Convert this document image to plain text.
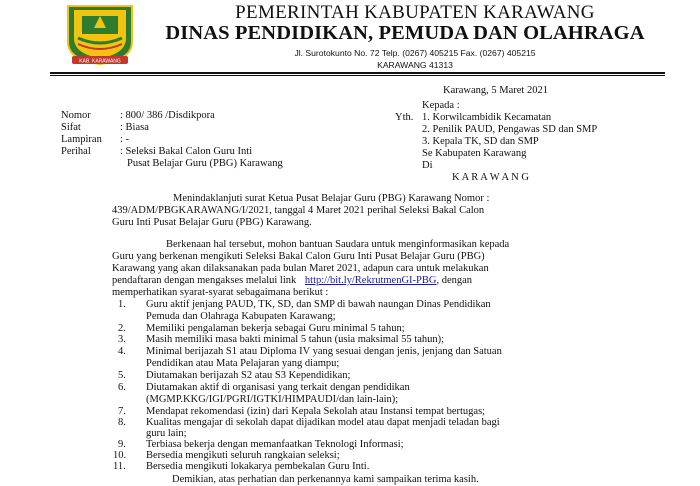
KAB. KARAWANG
PEMERINTAH KABUPATEN KARAWANG
DINAS PENDIDIKAN, PEMUDA DAN OLAHRAGA
Jl. Surotokunto No. 72 Telp. (0267) 405215 Fax. (0267) 405215
KARAWANG 41313
Karawang, 5 Maret 2021
Nomor	: 800/ 386 /Disdikpora
Sifat	: Biasa
Lampiran : -
Perihal	: Seleksi Bakal Calon Guru Inti
Pusat Belajar Guru (PBG) Karawang
Kepada :
Yth. 1. Korwilcambidik Kecamatan
2. Penilik PAUD, Pengawas SD dan SMP
3. Kepala TK, SD dan SMP
Se Kabupaten Karawang
Di
K A R A W A N G
Menindaklanjuti surat Ketua Pusat Belajar Guru (PBG) Karawang Nomor :
439/ADM/PBGKARAWANG/I/2021, tanggal 4 Maret 2021 perihal Seleksi Bakal Calon
Guru Inti Pusat Belajar Guru (PBG) Karawang.
Berkenaan hal tersebut, mohon bantuan Saudara untuk menginformasikan kepada
Guru yang berkenan mengikuti Seleksi Bakal Calon Guru Inti Pusat Belajar Guru (PBG)
Karawang yang akan dilaksanakan pada bulan Maret 2021, adapun cara untuk melakukan
pendaftaran dengan mengakses melalui link http://bit.ly/RekrutmenGI-PBG, dengan
memperhatikan syarat-syarat sebagaimana berikut :
1. Guru aktif jenjang PAUD, TK, SD, dan SMP di bawah naungan Dinas Pendidikan
Pemuda dan Olahraga Kabupaten Karawang;
2. Memiliki pengalaman bekerja sebagai Guru minimal 5 tahun;
3. Masih memiliki masa bakti minimal 5 tahun (usia maksimal 55 tahun);
4. Minimal berijazah S1 atau Diploma IV yang sesuai dengan jenis, jenjang dan Satuan
Pendidikan atau Mata Pelajaran yang diampu;
5. Diutamakan berijazah S2 atau S3 Kependidikan;
6. Diutamakan aktif di organisasi yang terkait dengan pendidikan
(MGMP.KKG/IGI/PGRI/IGTKI/HIMPAUDI/dan lain-lain);
7. Mendapat rekomendasi (izin) dari Kepala Sekolah atau Instansi tempat bertugas;
8. Kualitas mengajar di sekolah dapat dijadikan model atau dapat menjadi teladan bagi
guru lain;
9. Terbiasa bekerja dengan memanfaatkan Teknologi Informasi;
10. Bersedia mengikuti seluruh rangkaian seleksi;
11. Bersedia mengikuti lokakarya pembekalan Guru Inti.
Demikian, atas perhatian dan perkenannya kami sampaikan terima kasih.
